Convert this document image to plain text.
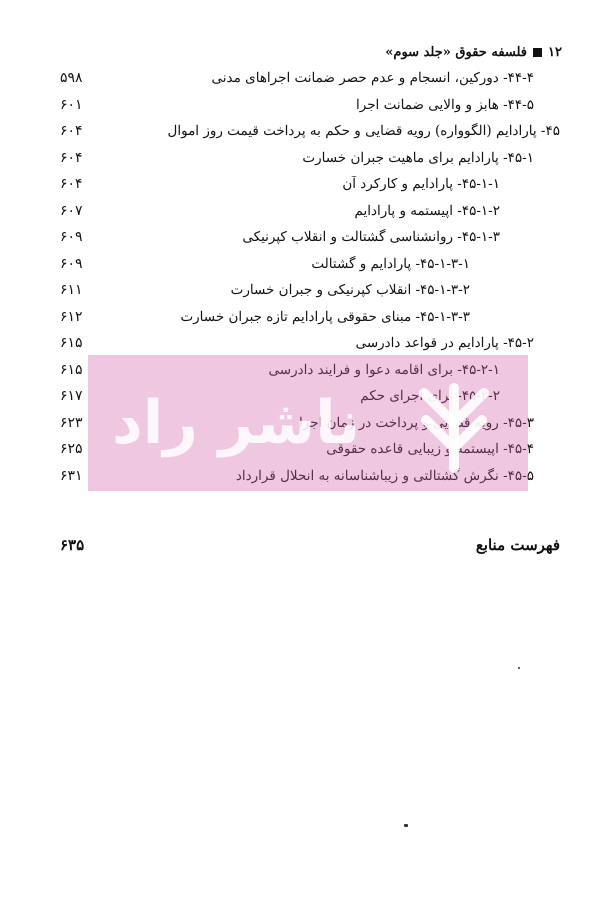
۱۲
فلسفه حقوق «جلد سوم»
۴۴-۴- دورکین، انسجام و عدم حصر ضمانت اجراهای مدنی
۵۹۸
۴۴-۵- هابز و والایی ضمانت اجرا
۶۰۱
۴۵- پارادایم (الگوواره) رویه قضایی و حکم به پرداخت قیمت روز اموال
۶۰۴
۴۵-۱- پارادایم برای ماهیت جبران خسارت
۶۰۴
۴۵-۱-۱- پارادایم و کارکرد آن
۶۰۴
۴۵-۱-۲- اپیستمه و پارادایم
۶۰۷
۴۵-۱-۳- روانشناسی گشتالت و انقلاب کپرنیکی
۶۰۹
۴۵-۱-۳-۱- پارادایم و گشتالت
۶۰۹
۴۵-۱-۳-۲- انقلاب کپرنیکی و جبران خسارت
۶۱۱
۴۵-۱-۳-۳- مبنای حقوقی پارادایم تازه جبران خسارت
۶۱۲
۴۵-۲- پارادایم در قواعد دادرسی
۶۱۵
۴۵-۲-۱- برای اقامه دعوا و فرایند دادرسی
۶۱۵
۴۵-۲-۲- برای اجرای حکم
۶۱۷
۴۵-۳- رویه قضایی و پرداخت در زمان اجرا
۶۲۳
۴۵-۴- اپیستمه و زیبایی قاعده حقوقی
۶۲۵
۴۵-۵- نگرش گشتالتی و زیباشناسانه به انحلال قرارداد
۶۳۱
فهرست منابع
۶۳۵
ناشر راد
